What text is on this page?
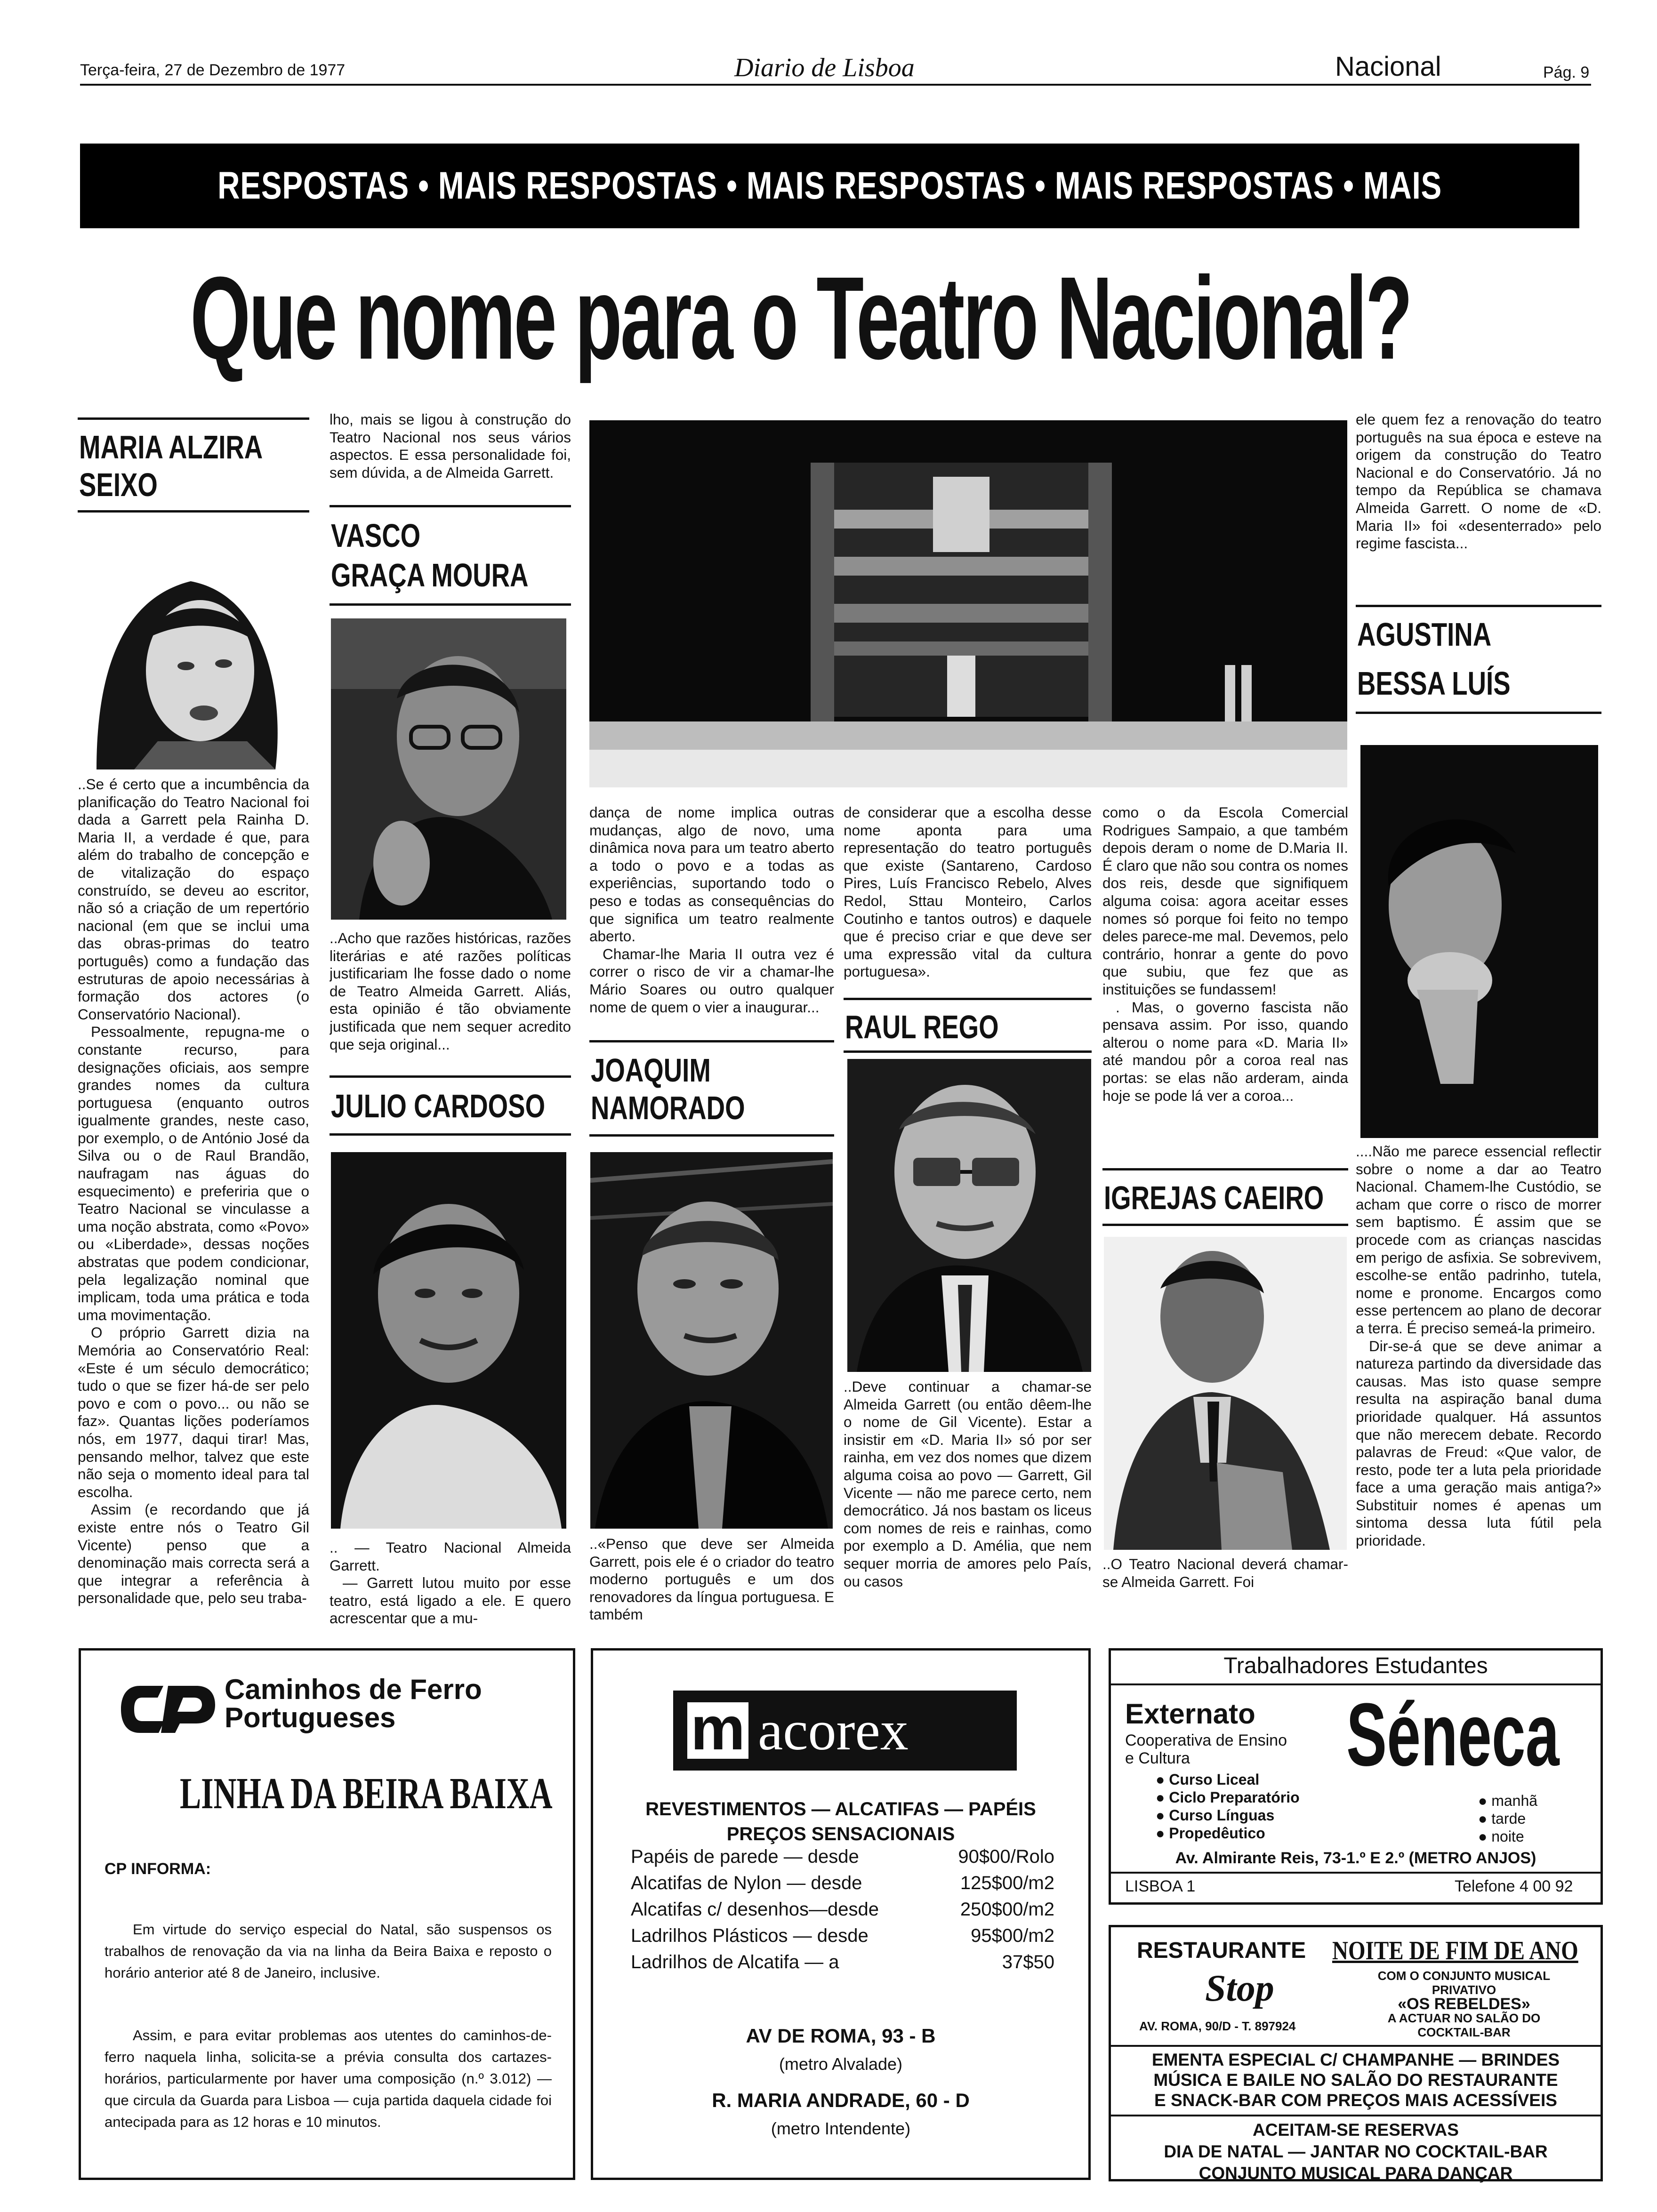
Terça-feira, 27 de Dezembro de 1977	Diario de Lisboa	Nacional	Pág. 9
RESPOSTAS • MAIS RESPOSTAS • MAIS RESPOSTAS • MAIS RESPOSTAS • MAIS
Que nome para o Teatro Nacional?
MARIA ALZIRA
SEIXO

..Se é certo que a incumbência da planificação do Teatro Nacional foi dada a Garrett pela Rainha D. Maria II, a verdade é que, para além do trabalho de concepção e de vitalização do espaço construído, se deveu ao escritor, não só a criação de um repertório nacional (em que se inclui uma das obras-primas do teatro português) como a fundação das estruturas de apoio necessárias à formação dos actores (o Conservatório Nacional).

Pessoalmente, repugna-me o constante recurso, para designações oficiais, aos sempre grandes nomes da cultura portuguesa (enquanto outros igualmente grandes, neste caso, por exemplo, o de António José da Silva ou o de Raul Brandão, naufragam nas águas do esquecimento) e preferiria que o Teatro Nacional se vinculasse a uma noção abstrata, como «Povo» ou «Liberdade», dessas noções abstratas que podem condicionar, pela legalização nominal que implicam, toda uma prática e toda uma movimentação.

O próprio Garrett dizia na Memória ao Conservatório Real: «Este é um século democrático; tudo o que se fizer há-de ser pelo povo e com o povo... ou não se faz». Quantas lições poderíamos nós, em 1977, daqui tirar! Mas, pensando melhor, talvez que este não seja o momento ideal para tal escolha.

Assim (e recordando que já existe entre nós o Teatro Gil Vicente) penso que a denominação mais correcta será a que integrar a referência à personalidade que, pelo seu traba-

lho, mais se ligou à construção do Teatro Nacional nos seus vários aspectos. E essa personalidade foi, sem dúvida, a de Almeida Garrett.

VASCO
GRAÇA MOURA

..Acho que razões históricas, razões literárias e até razões políticas justificariam lhe fosse dado o nome de Teatro Almeida Garrett. Aliás, esta opinião é tão obviamente justificada que nem sequer acredito que seja original...

JULIO CARDOSO

.. — Teatro Nacional Almeida Garrett.

— Garrett lutou muito por esse teatro, está ligado a ele. E quero acrescentar que a mu-

dança de nome implica outras mudanças, algo de novo, uma dinâmica nova para um teatro aberto a todo o povo e a todas as experiências, suportando todo o peso e todas as consequências do que significa um teatro realmente aberto.

Chamar-lhe Maria II outra vez é correr o risco de vir a chamar-lhe Mário Soares ou outro qualquer nome de quem o vier a inaugurar...

JOAQUIM
NAMORADO

..«Penso que deve ser Almeida Garrett, pois ele é o criador do teatro moderno português e um dos renovadores da língua portuguesa. E também

de considerar que a escolha desse nome aponta para uma representação do teatro português que existe (Santareno, Cardoso Pires, Luís Francisco Rebelo, Alves Redol, Sttau Monteiro, Carlos Coutinho e tantos outros) e daquele que é preciso criar e que deve ser uma expressão vital da cultura portuguesa».

RAUL REGO

..Deve continuar a chamar-se Almeida Garrett (ou então dêem-lhe o nome de Gil Vicente). Estar a insistir em «D. Maria II» só por ser rainha, em vez dos nomes que dizem alguma coisa ao povo — Garrett, Gil Vicente — não me parece certo, nem democrático. Já nos bastam os liceus com nomes de reis e rainhas, como por exemplo a D. Amélia, que nem sequer morria de amores pelo País, ou casos

como o da Escola Comercial Rodrigues Sampaio, a que também depois deram o nome de D.Maria II. É claro que não sou contra os nomes dos reis, desde que signifiquem alguma coisa: agora aceitar esses nomes só porque foi feito no tempo deles parece-me mal. Devemos, pelo contrário, honrar a gente do povo que subiu, que fez que as instituições se fundassem!

. Mas, o governo fascista não pensava assim. Por isso, quando alterou o nome para «D. Maria II» até mandou pôr a coroa real nas portas: se elas não arderam, ainda hoje se pode lá ver a coroa...

IGREJAS CAEIRO

..O Teatro Nacional deverá chamar-se Almeida Garrett. Foi

ele quem fez a renovação do teatro português na sua época e esteve na origem da construção do Teatro Nacional e do Conservatório. Já no tempo da República se chamava Almeida Garrett. O nome de «D. Maria II» foi «desenterrado» pelo regime fascista...

AGUSTINA
BESSA LUÍS

....Não me parece essencial reflectir sobre o nome a dar ao Teatro Nacional. Chamem-lhe Custódio, se acham que corre o risco de morrer sem baptismo. É assim que se procede com as crianças nascidas em perigo de asfixia. Se sobrevivem, escolhe-se então padrinho, tutela, nome e pronome. Encargos como esse pertencem ao plano de decorar a terra. É preciso semeá-la primeiro.

Dir-se-á que se deve animar a natureza partindo da diversidade das causas. Mas isto quase sempre resulta na aspiração banal duma prioridade qualquer. Há assuntos que não merecem debate. Recordo palavras de Freud: «Que valor, de resto, pode ter a luta pela prioridade face a uma geração mais antiga?» Substituir nomes é apenas um sintoma dessa luta fútil pela prioridade.

Caminhos de Ferro
Portugueses
LINHA DA BEIRA BAIXA
CP INFORMA:
Em virtude do serviço especial do Natal, são suspensos os trabalhos de renovação da via na linha da Beira Baixa e reposto o horário anterior até 8 de Janeiro, inclusive.
Assim, e para evitar problemas aos utentes do caminhos-de-ferro naquela linha, solicita-se a prévia consulta dos cartazes-horários, particularmente por haver uma composição (n.º 3.012) — que circula da Guarda para Lisboa — cuja partida daquela cidade foi antecipada para as 12 horas e 10 minutos.
m acorex
REVESTIMENTOS — ALCATIFAS — PAPÉIS
PREÇOS SENSACIONAIS
Papéis de parede — desde	90$00/Rolo
Alcatifas de Nylon — desde	125$00/m2
Alcatifas c/ desenhos—desde	250$00/m2
Ladrilhos Plásticos — desde	95$00/m2
Ladrilhos de Alcatifa — a	37$50
AV DE ROMA, 93 - B
(metro Alvalade)
R. MARIA ANDRADE, 60 - D
(metro Intendente)
Trabalhadores Estudantes
Externato
Cooperativa de Ensino
e Cultura Séneca
● Curso Liceal
● Ciclo Preparatório
● Curso Línguas
● Propedêutico
● manhã
● tarde
● noite
Av. Almirante Reis, 73-1.º E 2.º (METRO ANJOS)
LISBOA 1	Telefone 4 00 92
RESTAURANTE
Stop
AV. ROMA, 90/D - T. 897924
NOITE DE FIM DE ANO
COM O CONJUNTO MUSICAL
PRIVATIVO
«OS REBELDES»
A ACTUAR NO SALÃO DO
COCKTAIL-BAR
EMENTA ESPECIAL C/ CHAMPANHE — BRINDES
MÚSICA E BAILE NO SALÃO DO RESTAURANTE
E SNACK-BAR COM PREÇOS MAIS ACESSÍVEIS
ACEITAM-SE RESERVAS
DIA DE NATAL — JANTAR NO COCKTAIL-BAR
CONJUNTO MUSICAL PARA DANÇAR
